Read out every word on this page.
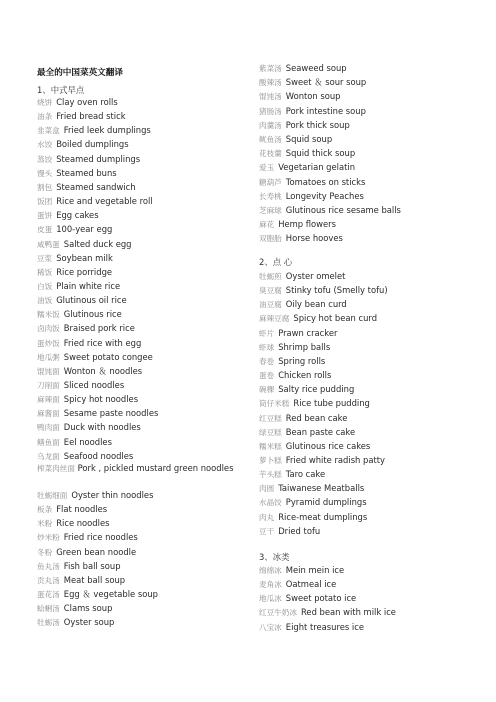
最全的中国菜英文翻译
1、中式早点
烧饼 Clay oven rolls
油条 Fried bread stick
韭菜盒 Fried leek dumplings
水饺 Boiled dumplings
蒸饺 Steamed dumplings
馒头 Steamed buns
割包 Steamed sandwich
饭团 Rice and vegetable roll
蛋饼 Egg cakes
皮蛋 100-year egg
咸鸭蛋 Salted duck egg
豆浆 Soybean milk
稀饭 Rice porridge
白饭 Plain white rice
油饭 Glutinous oil rice
糯米饭 Glutinous rice
卤肉饭 Braised pork rice
蛋炒饭 Fried rice with egg
地瓜粥 Sweet potato congee
馄饨面 Wonton ＆ noodles
刀削面 Sliced noodles
麻辣面 Spicy hot noodles
麻酱面 Sesame paste noodles
鸭肉面 Duck with noodles
鳝鱼面 Eel noodles
乌龙面 Seafood noodles
榨菜肉丝面 Pork , pickled mustard green noodles
牡蛎细面 Oyster thin noodles
板条 Flat noodles
米粉 Rice noodles
炒米粉 Fried rice noodles
冬粉 Green bean noodle
鱼丸汤 Fish ball soup
贡丸汤 Meat ball soup
蛋花汤 Egg ＆ vegetable soup
蛤蜊汤 Clams soup
牡蛎汤 Oyster soup
紫菜汤 Seaweed soup
酸辣汤 Sweet ＆ sour soup
馄饨汤 Wonton soup
猪肠汤 Pork intestine soup
肉羹汤 Pork thick soup
鱿鱼汤 Squid soup
花枝羹 Squid thick soup
爱玉 Vegetarian gelatin
糖葫芦 Tomatoes on sticks
长寿桃 Longevity Peaches
芝麻球 Glutinous rice sesame balls
麻花 Hemp flowers
双胞胎 Horse hooves
2、点 心
牡蛎煎 Oyster omelet
臭豆腐 Stinky tofu (Smelly tofu)
油豆腐 Oily bean curd
麻辣豆腐 Spicy hot bean curd
虾片 Prawn cracker
虾球 Shrimp balls
春卷 Spring rolls
蛋卷 Chicken rolls
碗粿 Salty rice pudding
筒仔米糕 Rice tube pudding
红豆糕 Red bean cake
绿豆糕 Bean paste cake
糯米糕 Glutinous rice cakes
萝卜糕 Fried white radish patty
芋头糕 Taro cake
肉圆 Taiwanese Meatballs
水晶饺 Pyramid dumplings
肉丸 Rice-meat dumplings
豆干 Dried tofu
3、冰类
绵绵冰 Mein mein ice
麦角冰 Oatmeal ice
地瓜冰 Sweet potato ice
红豆牛奶冰 Red bean with milk ice
八宝冰 Eight treasures ice
